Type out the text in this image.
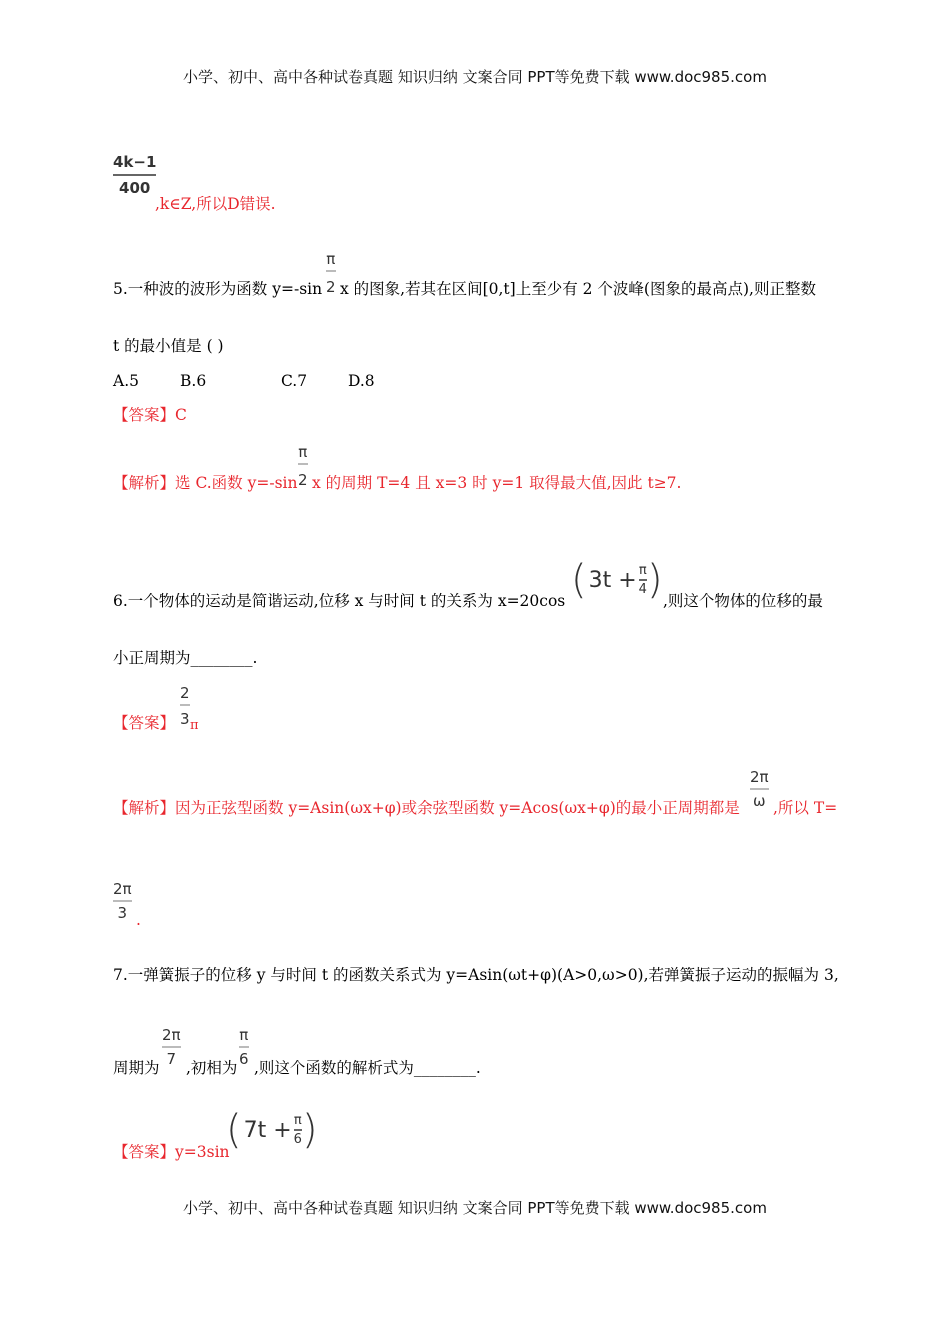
小学、初中、高中各种试卷真题 知识归纳 文案合同 PPT等免费下载 www.doc985.com
4k−1
400
,k∈Z,所以D错误.
π
2
5.一种波的波形为函数 y=-sin x 的图象,若其在区间[0,t]上至少有 2 个波峰(图象的最高点),则正整数
t 的最小值是 ( )
A.5	B.6	C.7	D.8
【答案】C
π
2
【解析】选 C.函数 y=-sin x 的周期 T=4 且 x=3 时 y=1 取得最大值,因此 t≥7.
6.一个物体的运动是简谐运动,位移 x 与时间 t 的关系为 x=20cos ( $3t + \frac{\pi}{4}$ ) ,则这个物体的位移的最
小正周期为________.
【答案】
2
3 π
【解析】因为正弦型函数 y=Asin(ωx+φ)或余弦型函数 y=Acos(ωx+φ)的最小正周期都是
2π
ω ,所以 T=
2π
3 .
7.一弹簧振子的位移 y 与时间 t 的函数关系式为 y=Asin(ωt+φ)(A>0,ω>0),若弹簧振子运动的振幅为 3,
周期为
2π
7
,初相为
π
6
,则这个函数的解析式为________.
【答案】y=3sin
( $7t + \frac{\pi}{6}$ )
小学、初中、高中各种试卷真题 知识归纳 文案合同 PPT等免费下载 www.doc985.com
